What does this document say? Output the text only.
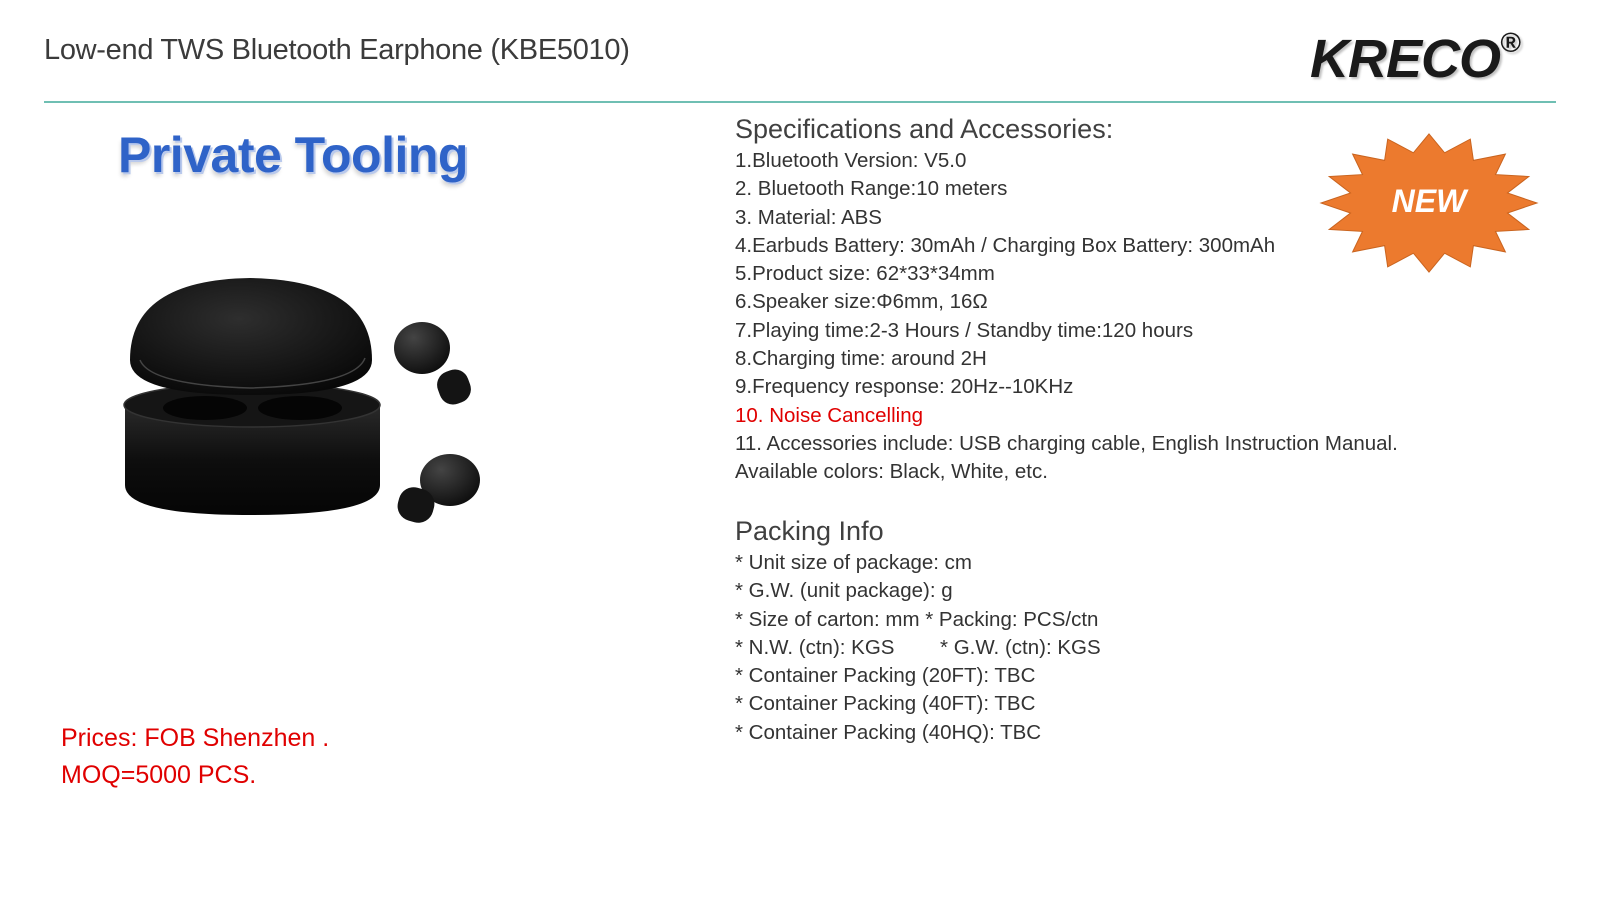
Low-end TWS Bluetooth Earphone (KBE5010)	KRECO®
Private Tooling
Prices: FOB Shenzhen .
MOQ=5000 PCS.
Specifications and Accessories:
1.Bluetooth Version: V5.0
2. Bluetooth Range:10 meters
3. Material: ABS
4.Earbuds Battery: 30mAh / Charging Box Battery: 300mAh
5.Product size: 62*33*34mm
6.Speaker size:Φ6mm, 16Ω
7.Playing time:2-3 Hours / Standby time:120 hours
8.Charging time: around 2H
9.Frequency response: 20Hz--10KHz
10. Noise Cancelling
11. Accessories include: USB charging cable, English Instruction Manual.
Available colors: Black, White, etc.
NEW
Packing Info
* Unit size of package: cm
* G.W. (unit package): g
* Size of carton: mm * Packing: PCS/ctn
* N.W. (ctn): KGS        * G.W. (ctn): KGS
* Container Packing (20FT): TBC
* Container Packing (40FT): TBC
* Container Packing (40HQ): TBC
